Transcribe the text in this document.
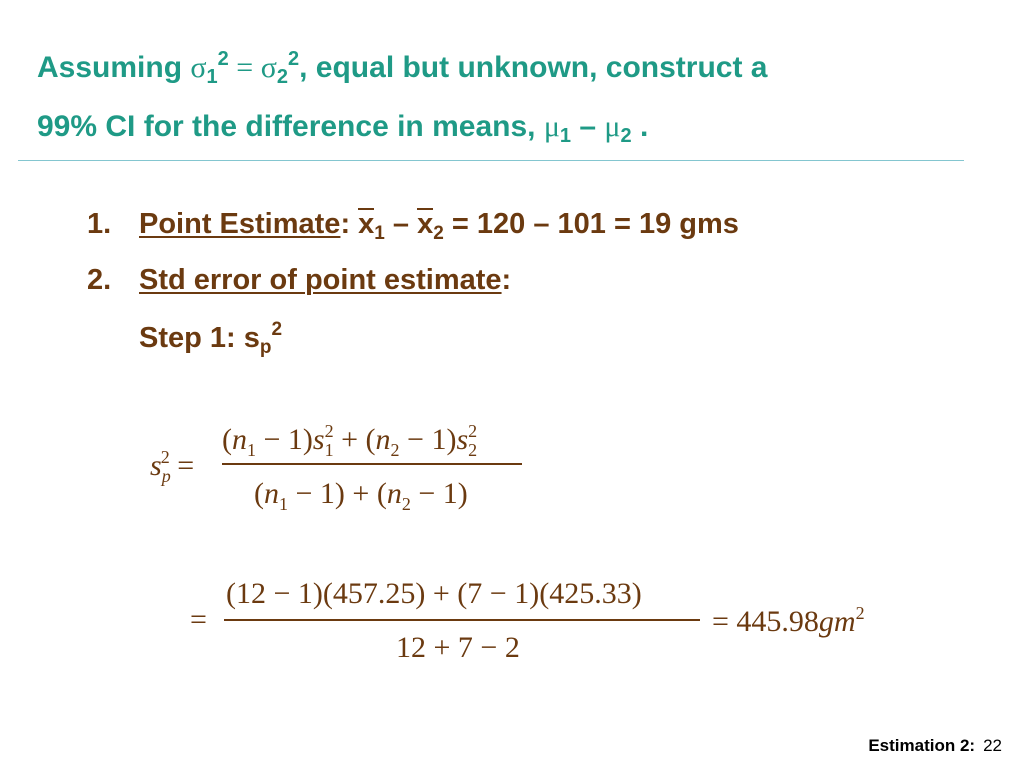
Assuming $\sigma_1^2 = \sigma_2^2$, equal but unknown, construct a
99% CI for the difference in means, $\mu_1 - \mu_2$ .
1. Point Estimate: $x_1 - x_2 = 120 - 101 = 19$ gms
2. Std error of point estimate:
Step 1: $s_p^2$
$s_p^2$ =
$(n_1 - 1)s_1^2 + (n_2 - 1)s_2^2$
$(n_1 - 1) + (n_2 - 1)$
=
(12 − 1)(457.25) + (7 − 1)(425.33)
12 + 7 − 2
= $445.98gm^2$
Estimation 2: 22
